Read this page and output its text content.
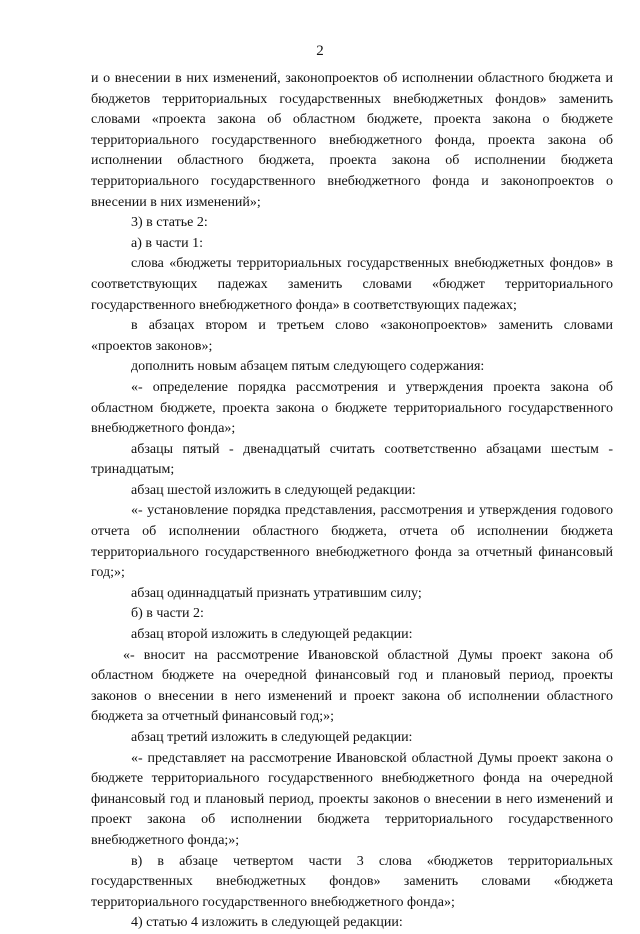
2

и о внесении в них изменений, законопроектов об исполнении областного бюджета и бюджетов территориальных государственных внебюджетных фондов» заменить словами «проекта закона об областном бюджете, проекта закона о бюджете территориального государственного внебюджетного фонда, проекта закона об исполнении областного бюджета, проекта закона об исполнении бюджета территориального государственного внебюджетного фонда и законопроектов о внесении в них изменений»;

3) в статье 2:

а) в части 1:

слова «бюджеты территориальных государственных внебюджетных фондов» в соответствующих падежах заменить словами «бюджет территориального государственного внебюджетного фонда» в соответствующих падежах;

в абзацах втором и третьем слово «законопроектов» заменить словами «проектов законов»;

дополнить новым абзацем пятым следующего содержания:

«- определение порядка рассмотрения и утверждения проекта закона об областном бюджете, проекта закона о бюджете территориального государственного внебюджетного фонда»;

абзацы пятый - двенадцатый считать соответственно абзацами шестым - тринадцатым;

абзац шестой изложить в следующей редакции:

«- установление порядка представления, рассмотрения и утверждения годового отчета об исполнении областного бюджета, отчета об исполнении бюджета территориального государственного внебюджетного фонда за отчетный финансовый год;»;

абзац одиннадцатый признать утратившим силу;

б) в части 2:

абзац второй изложить в следующей редакции:

«- вносит на рассмотрение Ивановской областной Думы проект закона об областном бюджете на очередной финансовый год и плановый период, проекты законов о внесении в него изменений и проект закона об исполнении областного бюджета за отчетный финансовый год;»;

абзац третий изложить в следующей редакции:

«- представляет на рассмотрение Ивановской областной Думы проект закона о бюджете территориального государственного внебюджетного фонда на очередной финансовый год и плановый период, проекты законов о внесении в него изменений и проект закона об исполнении бюджета территориального государственного внебюджетного фонда;»;

в) в абзаце четвертом части 3 слова «бюджетов территориальных государственных внебюджетных фондов» заменить словами «бюджета территориального государственного внебюджетного фонда»;

4) статью 4 изложить в следующей редакции:
